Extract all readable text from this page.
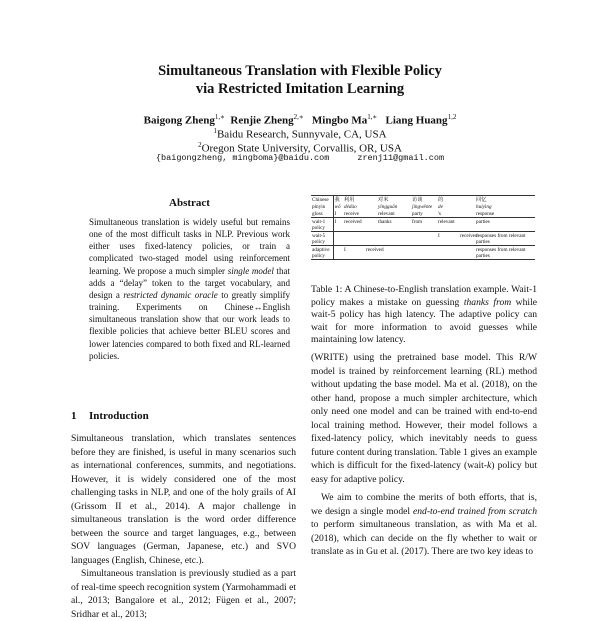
Simultaneous Translation with Flexible Policy
via Restricted Imitation Learning
Baigong Zheng$^{1,∗}$ Renjie Zheng$^{2,∗}$ Mingbo $Ma^{1,∗}$ Liang Huang$^{1,2}$
$^1$Baidu Research, Sunnyvale, CA, USA
$^2$Oregon State University, Corvallis, OR, USA
{baigongzheng, mingboma}@baidu.com	zrenj11@gmail.com
Abstract
Simultaneous translation is widely useful but remains one of the most difficult tasks in NLP. Previous work either uses fixed-latency policies, or train a complicated two-staged model using reinforcement learning. We propose a much simpler single model that adds a “delay” token to the target vocabulary, and design a restricted dynamic oracle to greatly simplify training. Experiments on Chinese↔English simultaneous translation show that our work leads to flexible policies that achieve better BLEU scores and lower latencies compared to both fixed and RL-learned policies.
1 Introduction

Simultaneous translation, which translates sentences before they are finished, is useful in many scenarios such as international conferences, summits, and negotiations. However, it is widely considered one of the most challenging tasks in NLP, and one of the holy grails of AI (Grissom II et al., 2014). A major challenge in simultaneous translation is the word order difference between the source and target languages, e.g., between SOV languages (German, Japanese, etc.) and SVO languages (English, Chinese, etc.).

Simultaneous translation is previously studied as a part of real-time speech recognition system (Yarmohammadi et al., 2013; Bangalore et al., 2012; Fügen et al., 2007; Sridhar et al., 2013;

Chinese	我	利用		对米		访谈	的		回忆
pinyin	wǒ	dédào		yīngguān		jīngwěnte	de		huíyìng
gloss	I	receive		relevant		party	's		response
wait-1 policy	I	received		thanks		from	relevant		parties
wait-5 policy							I	received	responses from relevant parties
adaptive policy		I	received						responses from relevant parties
Table 1: A Chinese-to-English translation example. Wait-1 policy makes a mistake on guessing thanks from while wait-5 policy has high latency. The adaptive policy can wait for more information to avoid guesses while maintaining low latency.

(WRITE) using the pretrained base model. This R/W model is trained by reinforcement learning (RL) method without updating the base model. Ma et al. (2018), on the other hand, propose a much simpler architecture, which only need one model and can be trained with end-to-end local training method. However, their model follows a fixed-latency policy, which inevitably needs to guess future content during translation. Table 1 gives an example which is difficult for the fixed-latency (wait-k) policy but easy for adaptive policy.

We aim to combine the merits of both efforts, that is, we design a single model end-to-end trained from scratch to perform simultaneous translation, as with Ma et al. (2018), which can decide on the fly whether to wait or translate as in Gu et al. (2017). There are two key ideas to
